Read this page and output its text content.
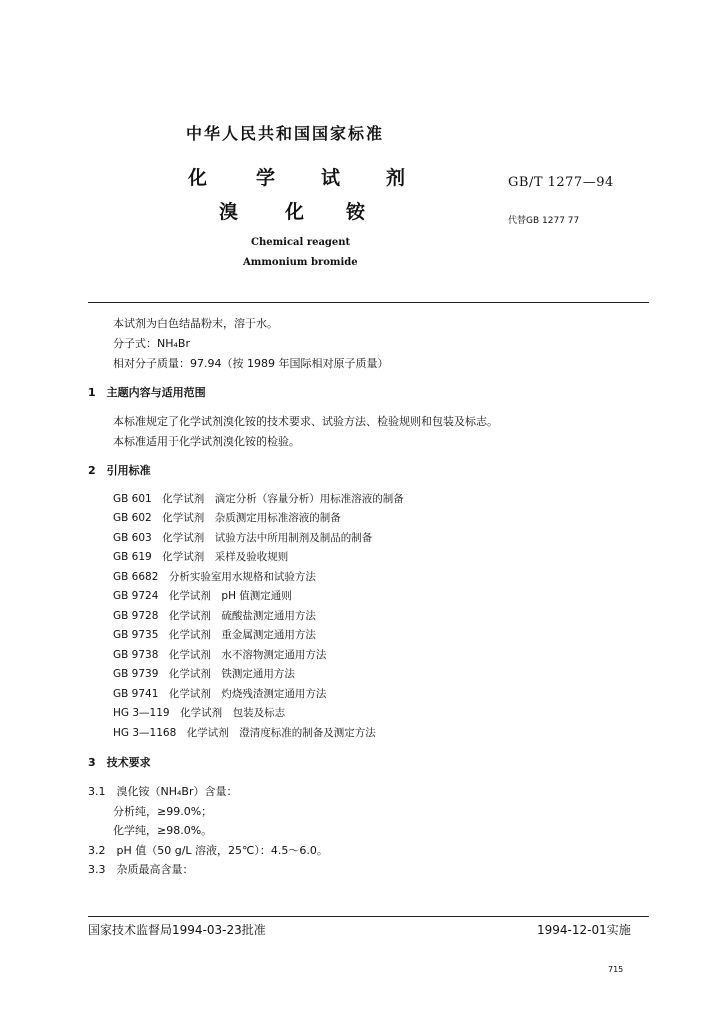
中华人民共和国国家标准
化	学 试 剂
溴 化 铵
GB/T 1277—94
代替GB 1277 77
Chemical reagent
Ammonium bromide
本试剂为白色结晶粉末，溶于水。
分子式：NH₄Br
相对分子质量：97.94（按 1989 年国际相对原子质量）
1　主题内容与适用范围
本标准规定了化学试剂溴化铵的技术要求、试验方法、检验规则和包装及标志。
本标准适用于化学试剂溴化铵的检验。
2　引用标准
GB 601　化学试剂　滴定分析（容量分析）用标准溶液的制备
GB 602　化学试剂　杂质测定用标准溶液的制备
GB 603　化学试剂　试验方法中所用制剂及制品的制备
GB 619　化学试剂　采样及验收规则
GB 6682　分析实验室用水规格和试验方法
GB 9724　化学试剂　pH 值测定通则
GB 9728　化学试剂　硫酸盐测定通用方法
GB 9735　化学试剂　重金属测定通用方法
GB 9738　化学试剂　水不溶物测定通用方法
GB 9739　化学试剂　铁测定通用方法
GB 9741　化学试剂　灼烧残渣测定通用方法
HG 3—119　化学试剂　包装及标志
HG 3—1168　化学试剂　澄清度标准的制备及测定方法
3　技术要求
3.1　溴化铵（NH₄Br）含量：
分析纯，≥99.0%；
化学纯，≥98.0%。
3.2　pH 值（50 g/L 溶液，25℃）：4.5～6.0。
3.3　杂质最高含量：
国家技术监督局1994-03-23批准	1994-12-01实施
715
